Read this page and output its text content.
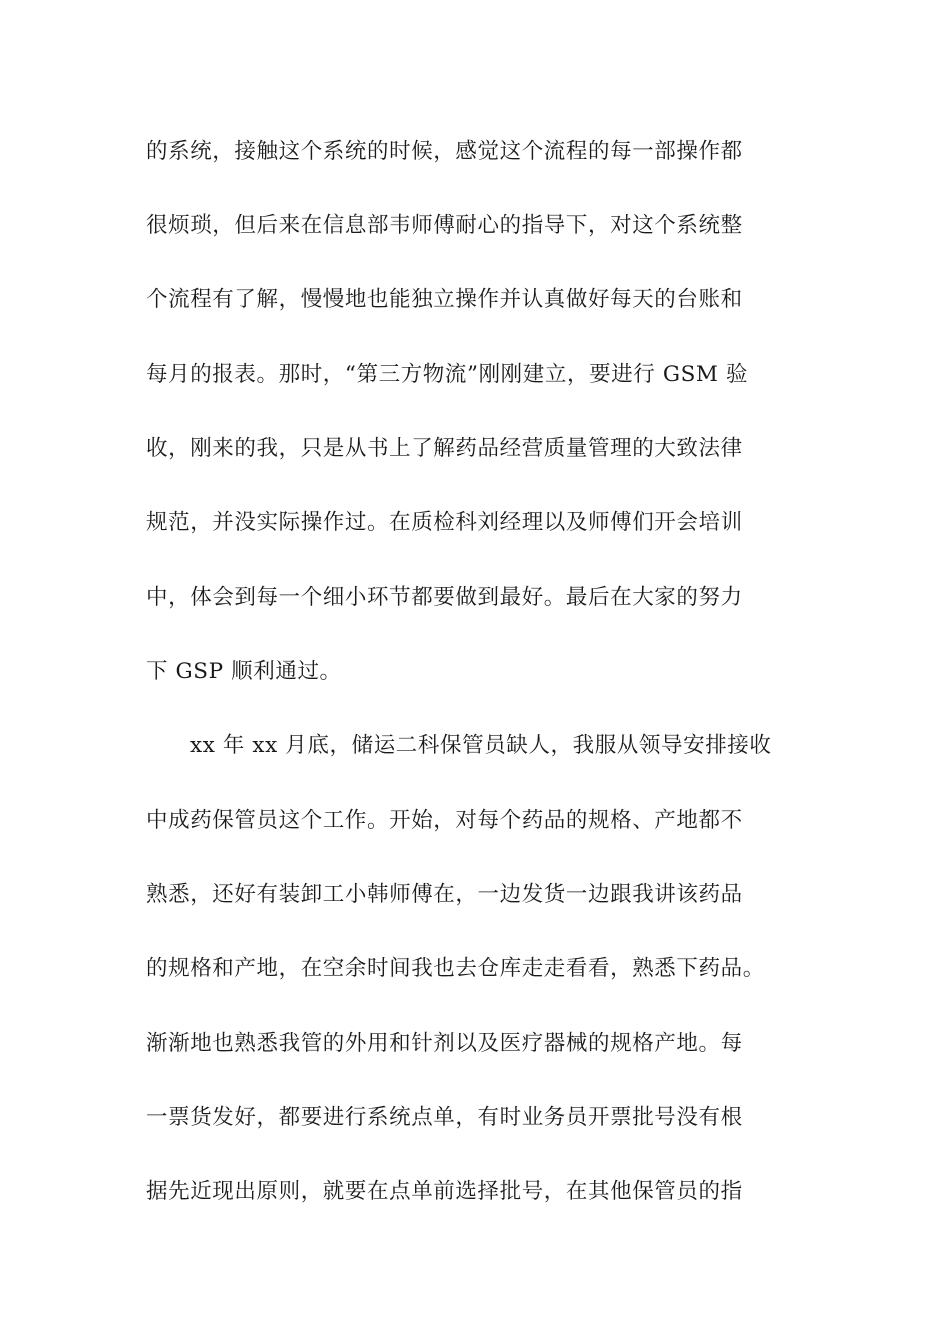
的系统，接触这个系统的时候，感觉这个流程的每一部操作都
很烦琐，但后来在信息部韦师傅耐心的指导下，对这个系统整
个流程有了解，慢慢地也能独立操作并认真做好每天的台账和
每月的报表。那时，“第三方物流”刚刚建立，要进行 GSM 验
收，刚来的我，只是从书上了解药品经营质量管理的大致法律
规范，并没实际操作过。在质检科刘经理以及师傅们开会培训
中，体会到每一个细小环节都要做到最好。最后在大家的努力
下 GSP 顺利通过。
xx 年 xx 月底，储运二科保管员缺人，我服从领导安排接收
中成药保管员这个工作。开始，对每个药品的规格、产地都不
熟悉，还好有装卸工小韩师傅在，一边发货一边跟我讲该药品
的规格和产地，在空余时间我也去仓库走走看看，熟悉下药品。
渐渐地也熟悉我管的外用和针剂以及医疗器械的规格产地。每
一票货发好，都要进行系统点单，有时业务员开票批号没有根
据先近现出原则，就要在点单前选择批号，在其他保管员的指
